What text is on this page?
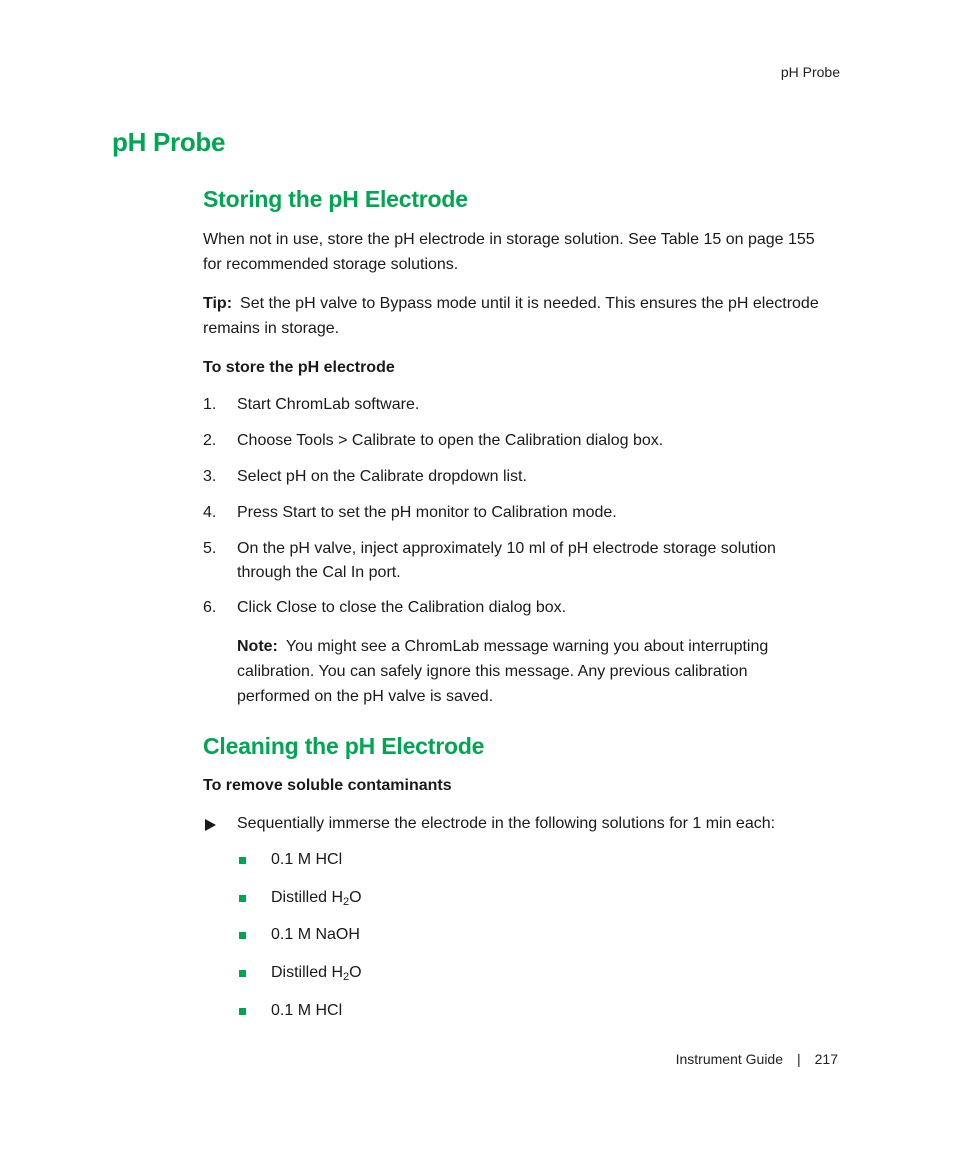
pH Probe
pH Probe
Storing the pH Electrode

When not in use, store the pH electrode in storage solution. See Table 15 on page 155 for recommended storage solutions.

Tip: Set the pH valve to Bypass mode until it is needed. This ensures the pH electrode remains in storage.

To store the pH electrode
1. Start ChromLab software.
2. Choose Tools > Calibrate to open the Calibration dialog box.
3. Select pH on the Calibrate dropdown list.
4. Press Start to set the pH monitor to Calibration mode.
5. On the pH valve, inject approximately 10 ml of pH electrode storage solution through the Cal In port.
6. Click Close to close the Calibration dialog box.

Note: You might see a ChromLab message warning you about interrupting calibration. You can safely ignore this message. Any previous calibration performed on the pH valve is saved.

Cleaning the pH Electrode
To remove soluble contaminants
Sequentially immerse the electrode in the following solutions for 1 min each:
0.1 M HCl
Distilled $H_2O$
0.1 M NaOH
Distilled $H_2O$
0.1 M HCl
Instrument Guide | 217
